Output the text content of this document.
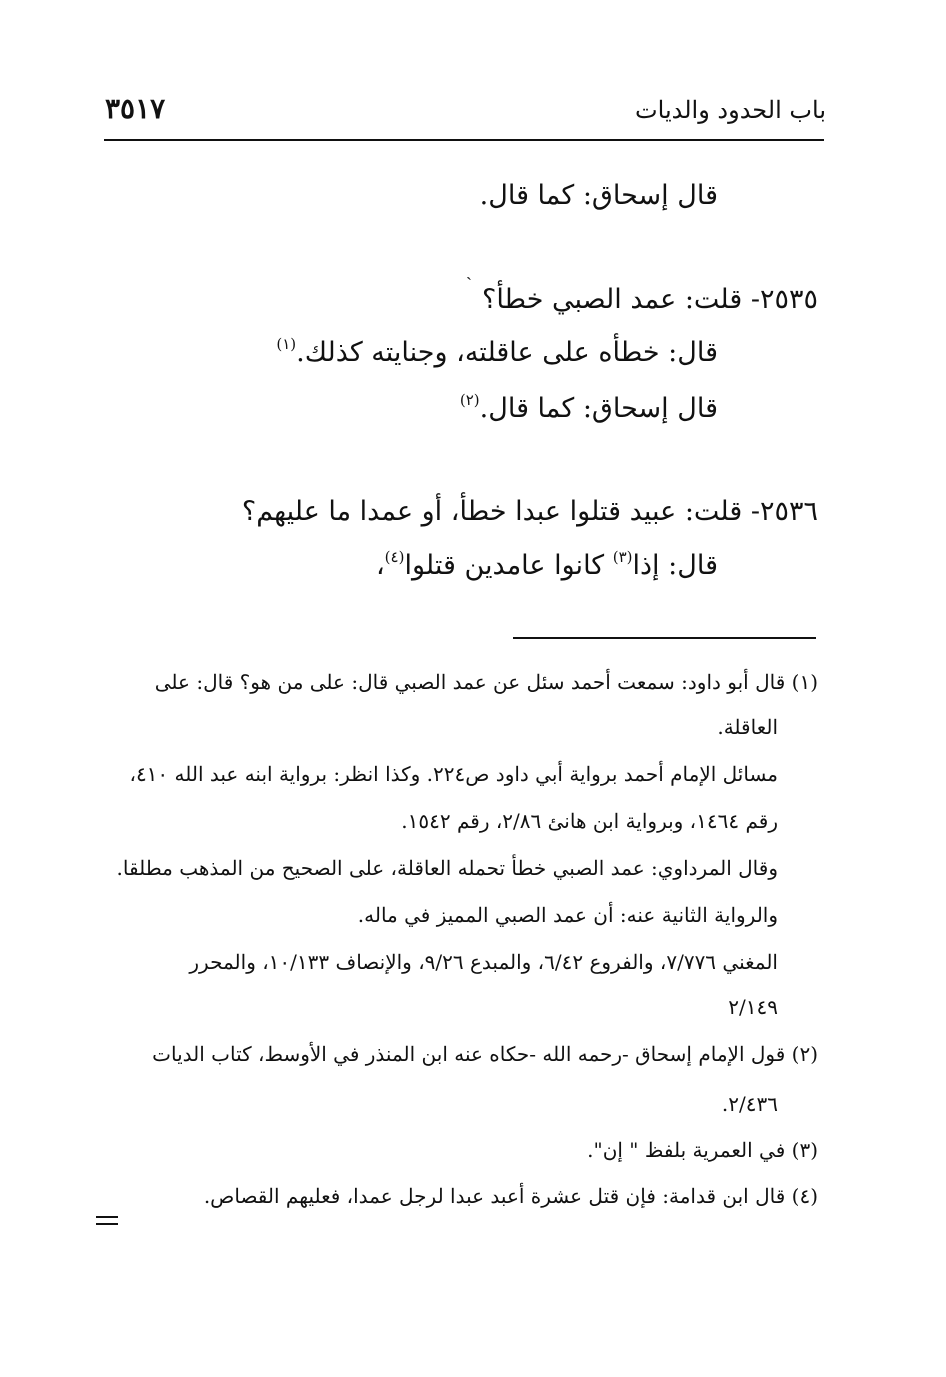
٣٥١٧	باب الحدود والديات
قال إسحاق: كما قال.
ˏ
٢٥٣٥- قلت: عمد الصبي خطأ؟
قال: خطأه على عاقلته، وجنايته كذلك.$^{(١)}$
قال إسحاق: كما قال.$^{(٢)}$
٢٥٣٦- قلت: عبيد قتلوا عبدا خطأ، أو عمدا ما عليهم؟
قال: إذا$^{(٣)}$ كانوا عامدين قتلوا$^{(٤)}$،
(١) قال أبو داود: سمعت أحمد سئل عن عمد الصبي قال: على من هو؟ قال: على
العاقلة.
مسائل الإمام أحمد برواية أبي داود ص٢٢٤. وكذا انظر: برواية ابنه عبد الله ٤١٠،
رقم ١٤٦٤، وبرواية ابن هانئ ٢/٨٦، رقم ١٥٤٢.
وقال المرداوي: عمد الصبي خطأ تحمله العاقلة، على الصحيح من المذهب مطلقا.
والرواية الثانية عنه: أن عمد الصبي المميز في ماله.
المغني ٧/٧٧٦، والفروع ٦/٤٢، والمبدع ٩/٢٦، والإنصاف ١٠/١٣٣، والمحرر
٢/١٤٩
(٢) قول الإمام إسحاق -رحمه الله -حكاه عنه ابن المنذر في الأوسط، كتاب الديات
٢/٤٣٦.
(٣) في العمرية بلفظ " إن".
(٤) قال ابن قدامة: فإن قتل عشرة أعبد عبدا لرجل عمدا، فعليهم القصاص.
